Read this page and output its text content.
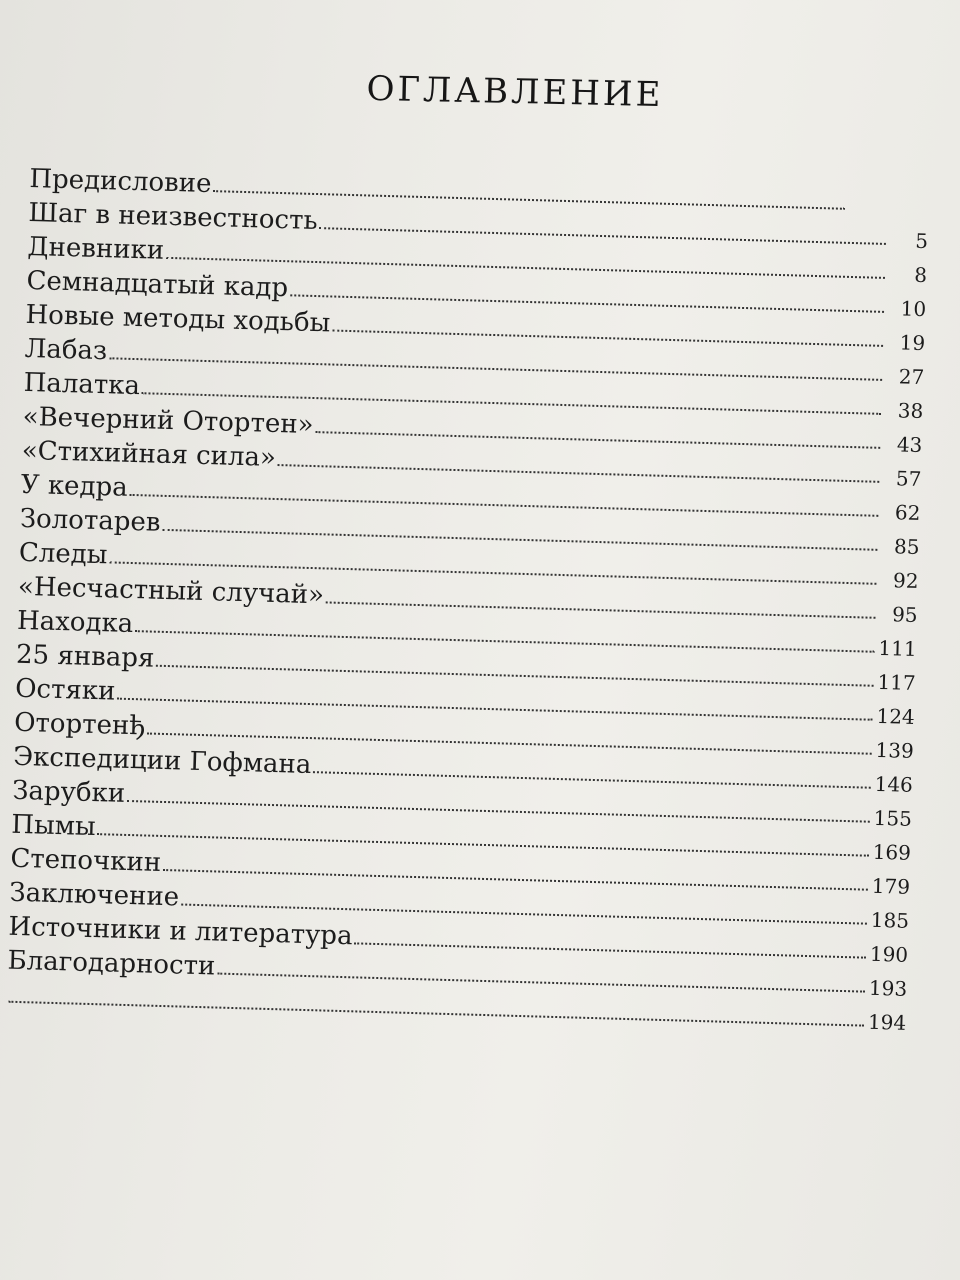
ОГЛАВЛЕНИЕ
Предисловие
Шаг в неизвестность
5
Дневники
8
Семнадцатый кадр
10
Новые методы ходьбы
19
Лабаз
27
Палатка
38
«Вечерний Отортен»
43
«Стихийная сила»
57
У кедра
62
Золотарев
85
Следы
92
«Несчастный случай»
95
Находка
111
25 января
117
Остяки
124
Отортенђ
139
Экспедиции Гофмана
146
Зарубки
155
Пымы
169
Степочкин
179
Заключение
185
Источники и литература
190
Благодарности
193
194
